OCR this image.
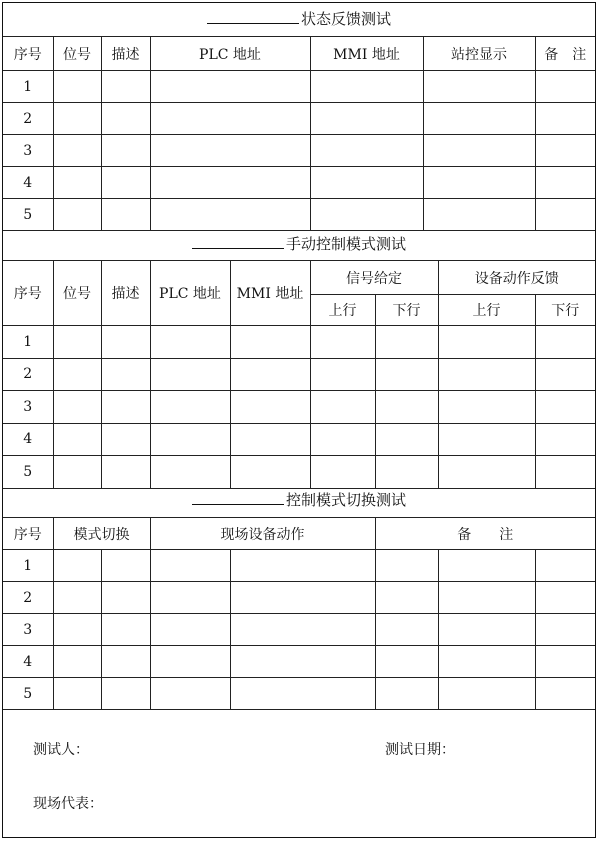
状态反馈测试
序号	位号	描述	PLC 地址	MMI 地址	站控显示	备　注
1						
2						
3						
4						
5						
手动控制模式测试
序号	位号	描述	PLC 地址	MMI 地址	信号给定		设备动作反馈	
					上行	下行	上行	下行
1								
2								
3								
4								
5								
控制模式切换测试
序号	模式切换		现场设备动作		备　　注		
1							
2							
3							
4							
5							
测试人：	测试日期：
现场代表：
